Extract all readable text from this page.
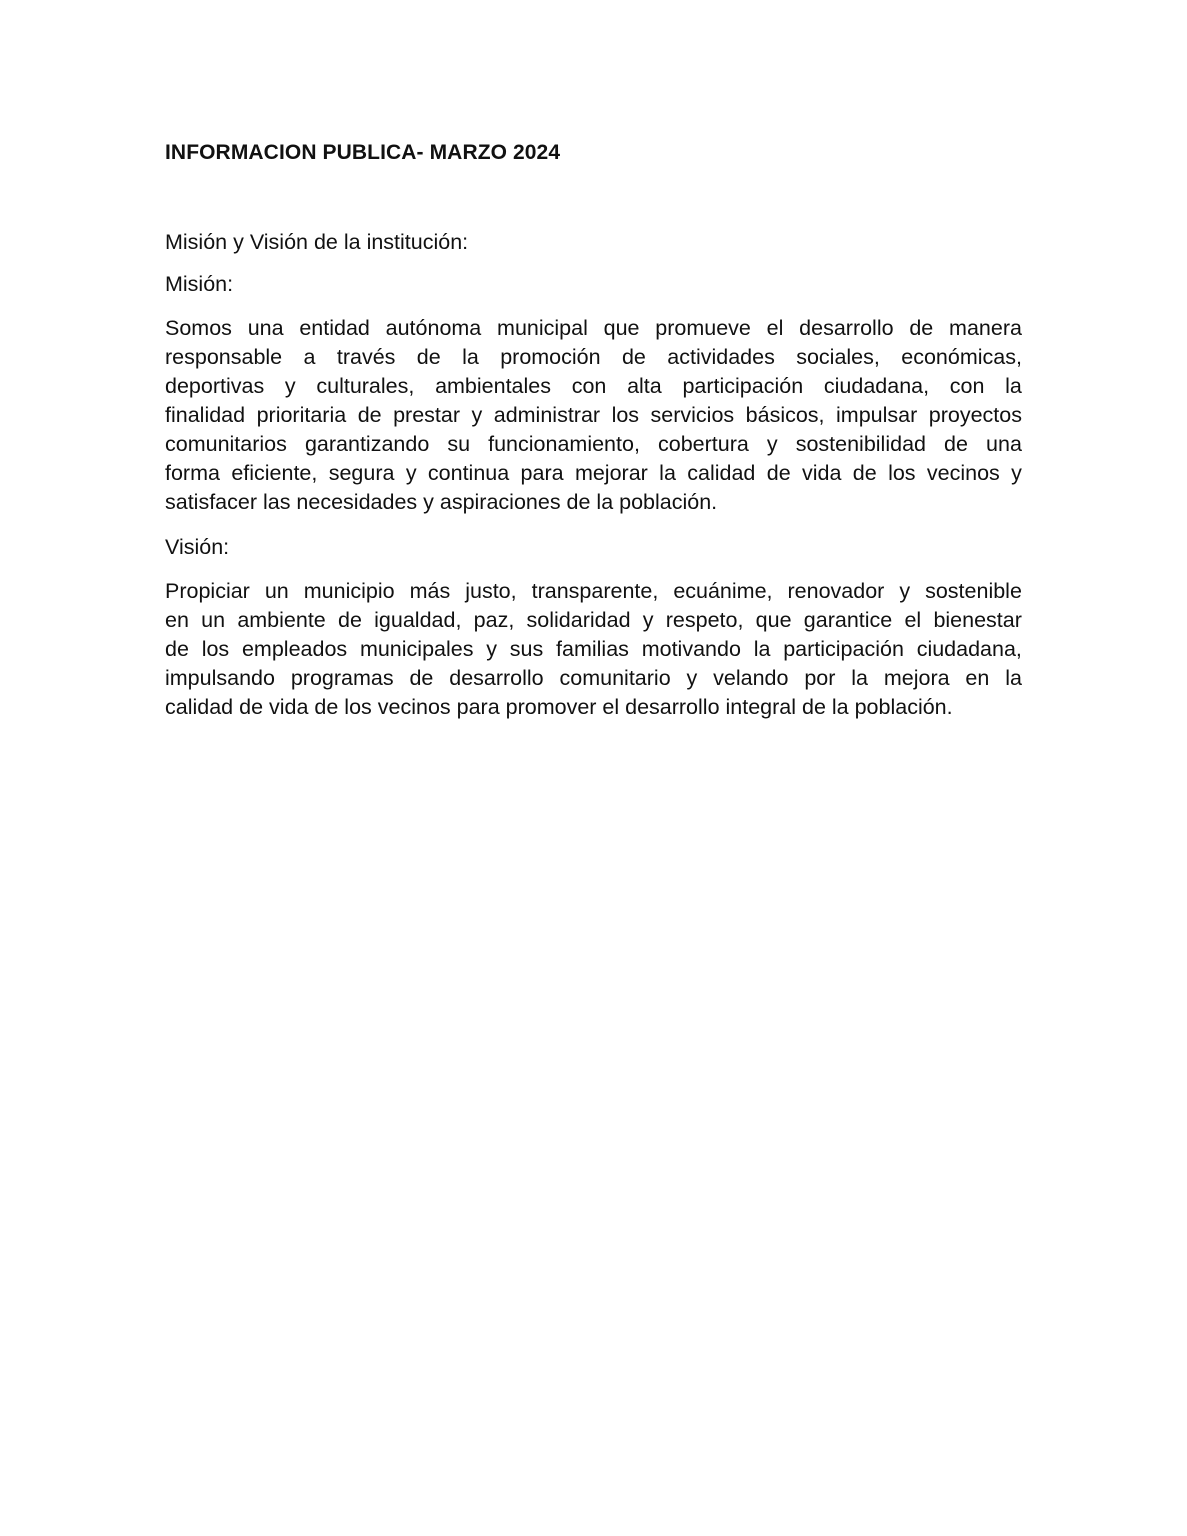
INFORMACION PUBLICA- MARZO 2024
Misión y Visión de la institución:
Misión:
Somos una entidad autónoma municipal que promueve el desarrollo de manera
responsable a través de la promoción de actividades sociales, económicas,
deportivas y culturales, ambientales con alta participación ciudadana, con la
finalidad prioritaria de prestar y administrar los servicios básicos, impulsar proyectos
comunitarios garantizando su funcionamiento, cobertura y sostenibilidad de una
forma eficiente, segura y continua para mejorar la calidad de vida de los vecinos y
satisfacer las necesidades y aspiraciones de la población.
Visión:
Propiciar un municipio más justo, transparente, ecuánime, renovador y sostenible
en un ambiente de igualdad, paz, solidaridad y respeto, que garantice el bienestar
de los empleados municipales y sus familias motivando la participación ciudadana,
impulsando programas de desarrollo comunitario y velando por la mejora en la
calidad de vida de los vecinos para promover el desarrollo integral de la población.
